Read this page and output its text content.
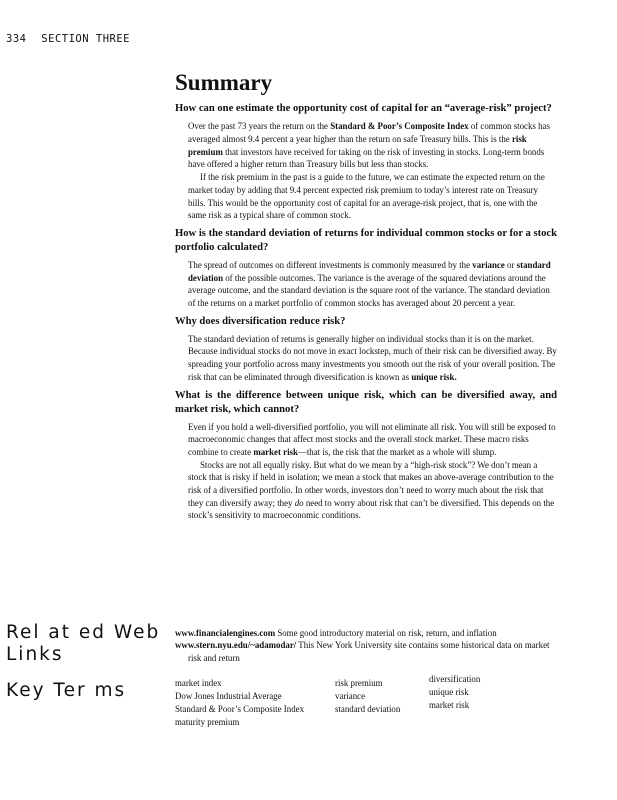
334 SECTION THREE
Summary
How can one estimate the opportunity cost of capital for an “average-risk” project?

Over the past 73 years the return on the Standard & Poor’s Composite Index of common stocks has averaged almost 9.4 percent a year higher than the return on safe Treasury bills. This is the risk premium that investors have received for taking on the risk of investing in stocks. Long-term bonds have offered a higher return than Treasury bills but less than stocks.

If the risk premium in the past is a guide to the future, we can estimate the expected return on the market today by adding that 9.4 percent expected risk premium to today’s interest rate on Treasury bills. This would be the opportunity cost of capital for an average-risk project, that is, one with the same risk as a typical share of common stock.

How is the standard deviation of returns for individual common stocks or for a stock portfolio calculated?

The spread of outcomes on different investments is commonly measured by the variance or standard deviation of the possible outcomes. The variance is the average of the squared deviations around the average outcome, and the standard deviation is the square root of the variance. The standard deviation of the returns on a market portfolio of common stocks has averaged about 20 percent a year.

Why does diversification reduce risk?

The standard deviation of returns is generally higher on individual stocks than it is on the market. Because individual stocks do not move in exact lockstep, much of their risk can be diversified away. By spreading your portfolio across many investments you smooth out the risk of your overall position. The risk that can be eliminated through diversification is known as unique risk.

What is the difference between unique risk, which can be diversified away, and market risk, which cannot?

Even if you hold a well-diversified portfolio, you will not eliminate all risk. You will still be exposed to macroeconomic changes that affect most stocks and the overall stock market. These macro risks combine to create market risk—that is, the risk that the market as a whole will slump.

Stocks are not all equally risky. But what do we mean by a “high-risk stock”? We don’t mean a stock that is risky if held in isolation; we mean a stock that makes an above-average contribution to the risk of a diversified portfolio. In other words, investors don’t need to worry much about the risk that they can diversify away; they do need to worry about risk that can’t be diversified. This depends on the stock’s sensitivity to macroeconomic conditions.

Rel at ed Web
Links

www.financialengines.com Some good introductory material on risk, return, and inflation

www.stern.nyu.edu/~adamodar/ This New York University site contains some historical data on market risk and return

Key Ter ms	market index
Dow Jones Industrial Average
Standard & Poor’s Composite Index
maturity premium
risk premium
variance
standard deviation
diversification
unique risk
market risk
